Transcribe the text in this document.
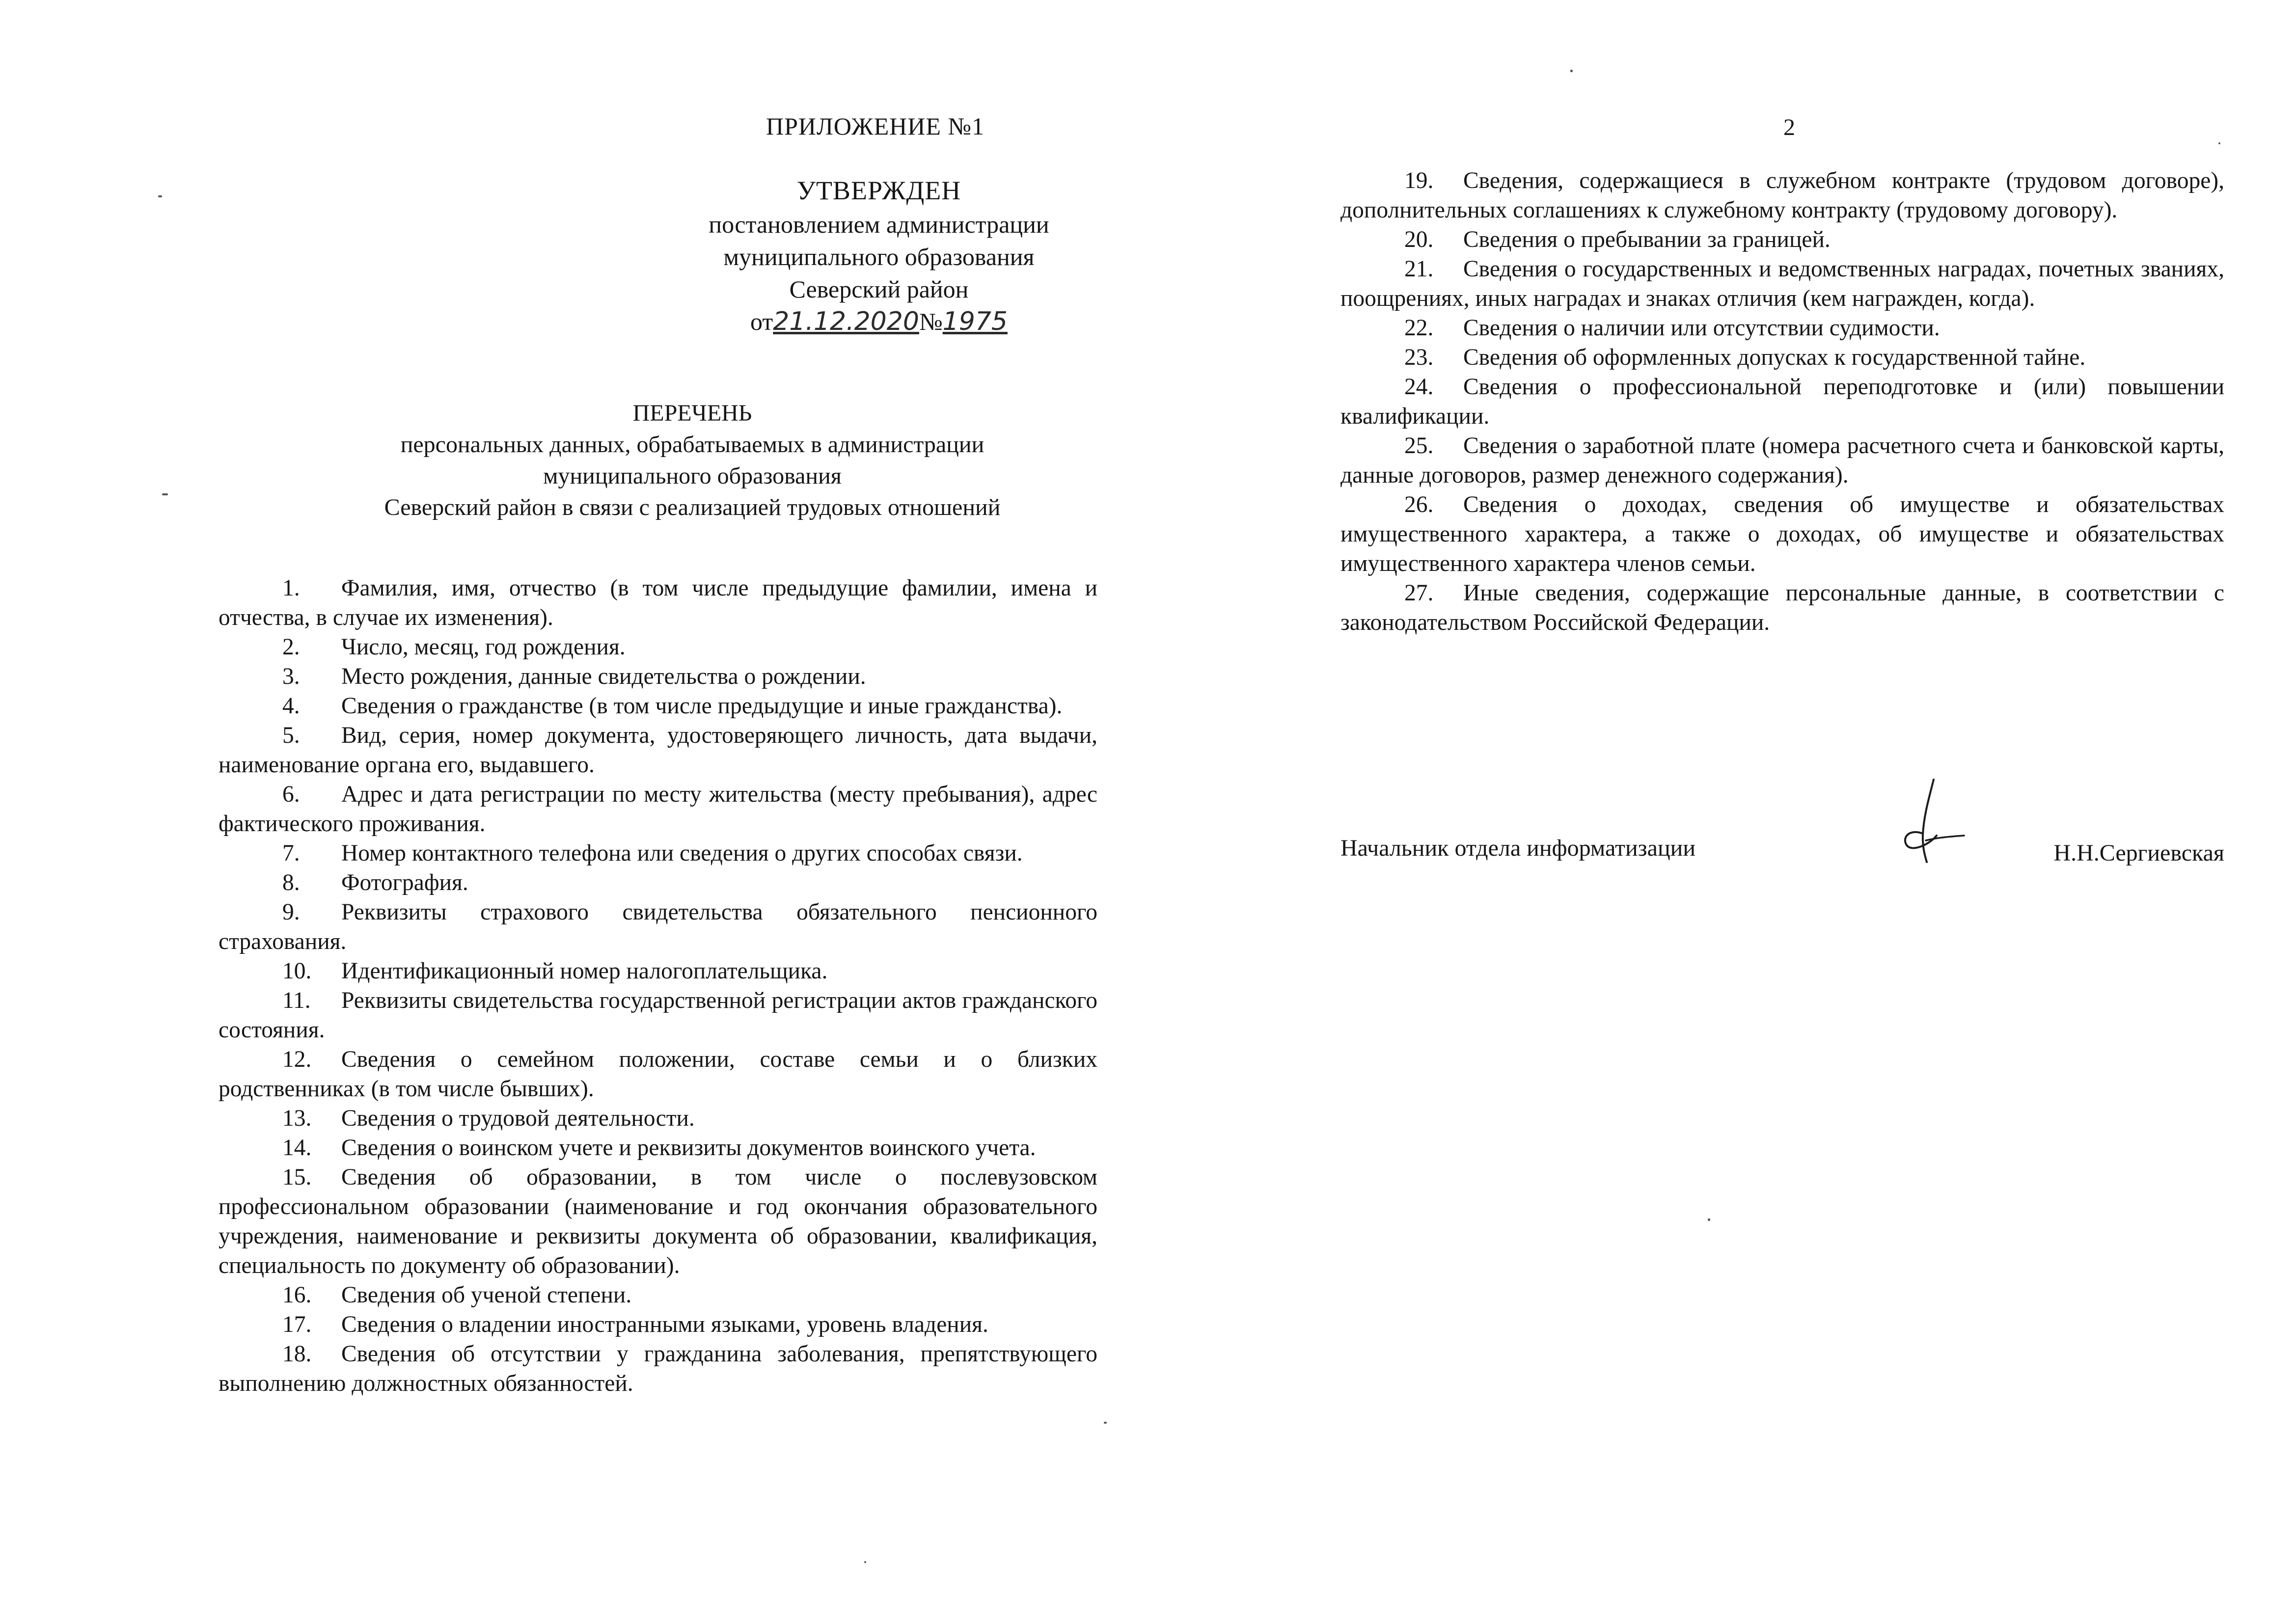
ПРИЛОЖЕНИЕ №1
УТВЕРЖДЕН
постановлением администрации
муниципального образования
Северский район
от21.12.2020№1975
ПЕРЕЧЕНЬ
персональных данных, обрабатываемых в администрации
муниципального образования
Северский район в связи с реализацией трудовых отношений

1. Фамилия, имя, отчество (в том числе предыдущие фамилии, имена и отчества, в случае их изменения).

2. Число, месяц, год рождения.

3. Место рождения, данные свидетельства о рождении.

4. Сведения о гражданстве (в том числе предыдущие и иные гражданства).

5. Вид, серия, номер документа, удостоверяющего личность, дата выдачи, наименование органа его, выдавшего.

6. Адрес и дата регистрации по месту жительства (месту пребывания), адрес фактического проживания.

7. Номер контактного телефона или сведения о других способах связи.

8. Фотография.

9. Реквизиты страхового свидетельства обязательного пенсионного страхования.

10. Идентификационный номер налогоплательщика.

11. Реквизиты свидетельства государственной регистрации актов гражданского состояния.

12. Сведения о семейном положении, составе семьи и о близких родственниках (в том числе бывших).

13. Сведения о трудовой деятельности.

14. Сведения о воинском учете и реквизиты документов воинского учета.

15. Сведения об образовании, в том числе о послевузовском профессиональном образовании (наименование и год окончания образовательного учреждения, наименование и реквизиты документа об образовании, квалификация, специальность по документу об образовании).

16. Сведения об ученой степени.

17. Сведения о владении иностранными языками, уровень владения.

18. Сведения об отсутствии у гражданина заболевания, препятствующего выполнению должностных обязанностей.

2

19. Сведения, содержащиеся в служебном контракте (трудовом договоре), дополнительных соглашениях к служебному контракту (трудовому договору).

20. Сведения о пребывании за границей.

21. Сведения о государственных и ведомственных наградах, почетных званиях, поощрениях, иных наградах и знаках отличия (кем награжден, когда).

22. Сведения о наличии или отсутствии судимости.

23. Сведения об оформленных допусках к государственной тайне.

24. Сведения о профессиональной переподготовке и (или) повышении квалификации.

25. Сведения о заработной плате (номера расчетного счета и банковской карты, данные договоров, размер денежного содержания).

26. Сведения о доходах, сведения об имуществе и обязательствах имущественного характера, а также о доходах, об имуществе и обязательствах имущественного характера членов семьи.

27. Иные сведения, содержащие персональные данные, в соответствии с законодательством Российской Федерации.

Начальник отдела информатизации	Н.Н.Сергиевская
